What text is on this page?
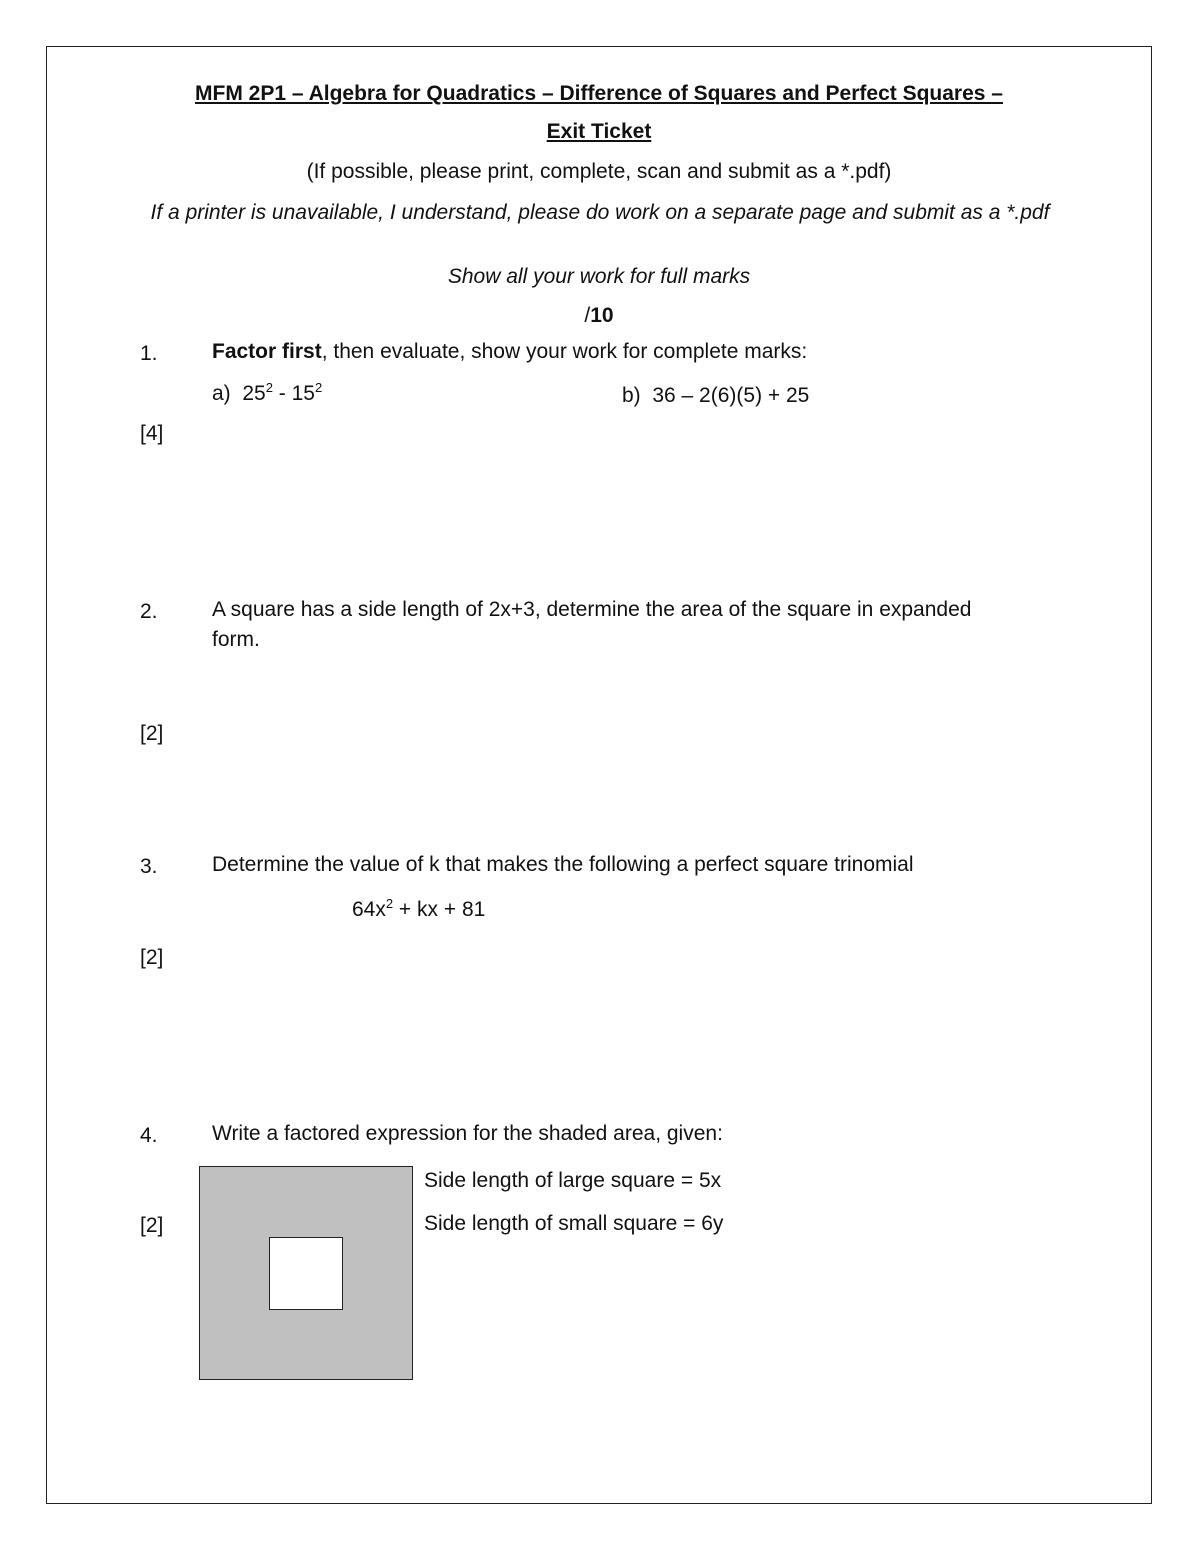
MFM 2P1 – Algebra for Quadratics – Difference of Squares and Perfect Squares –
Exit Ticket
(If possible, please print, complete, scan and submit as a *.pdf)
If a printer is unavailable, I understand, please do work on a separate page and submit as a *.pdf
Show all your work for full marks
/10
1.	Factor first, then evaluate, show your work for complete marks:
a) $25^2 - 15^2$	b)  36 – 2(6)(5) + 25
[4]
2.	A square has a side length of 2x+3, determine the area of the square in expanded form.
[2]
3.	Determine the value of k that makes the following a perfect square trinomial
$64x^2$ + kx + 81
[2]
4.	Write a factored expression for the shaded area, given:
Side length of large square = 5x
Side length of small square = 6y
[2]
